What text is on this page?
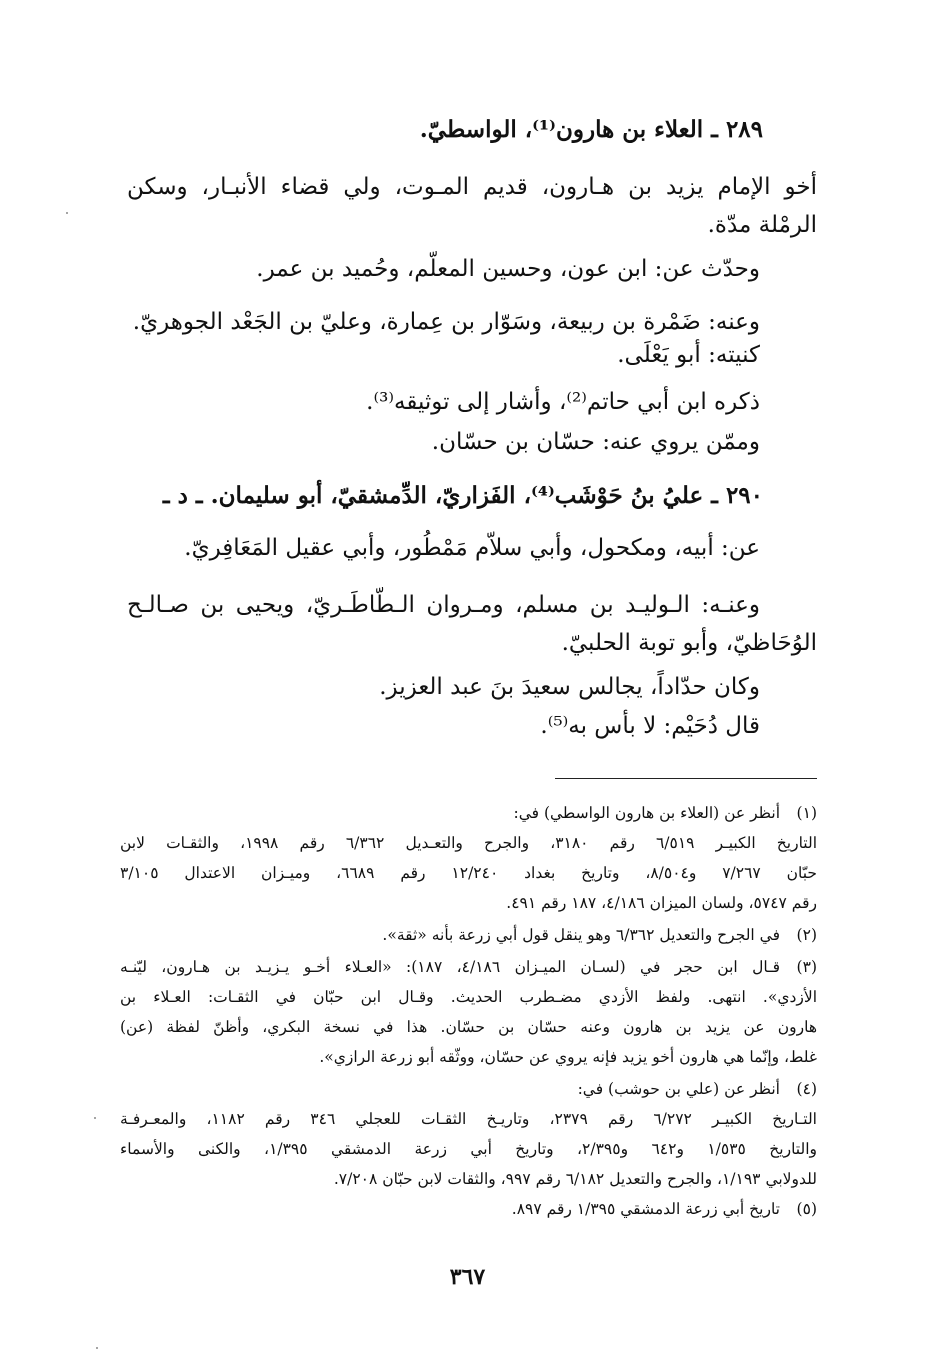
٢٨٩ ـ العلاء بن هارون⁽¹⁾، الواسطيّ.
أخو الإمام يزيد بن هـارون، قديم المـوت، ولي قضاء الأنبـار، وسكن
الرمْلة مدّة.
وحدّث عن: ابن عون، وحسين المعلّم، وحُميد بن عمر.
وعنه: ضَمْرة بن ربيعة، وسَوّار بن عِمارة، وعليّ بن الجَعْد الجوهريّ.
كنيته: أبو يَعْلَى.
ذكره ابن أبي حاتم⁽²⁾، وأشار إلى توثيقه⁽³⁾.
وممّن يروي عنه: حسّان بن حسّان.
٢٩٠ ـ عليُ بنُ حَوْشَب⁽⁴⁾، الفَزاريّ، الدِّمشقيّ، أبو سليمان. ـ د ـ
عن: أبيه، ومكحول، وأبي سلاّم مَمْطُور، وأبي عقيل المَعَافِريّ.
وعنـه: الـوليـد بن مسلم، ومـروان الـطّاطَـريّ، ويحيى بن صـالـح
الوُحَاظيّ، وأبو توبة الحلبيّ.
وكان حدّاداً، يجالس سعيدَ بنَ عبد العزيز.
قال دُحَيْم: لا بأس به⁽⁵⁾.
(١)
أنظر عن (العلاء بن هارون الواسطي) في:
التاريخ الكبيـر ٦/٥١٩ رقم ٣١٨٠، والجرح والتعـديل ٦/٣٦٢ رقم ١٩٩٨، والثقـات لابن
حبّان ٧/٢٦٧ و٨/٥٠٤، وتاريخ بغداد ١٢/٢٤٠ رقم ٦٦٨٩، وميـزان الاعتدال ٣/١٠٥
رقم ٥٧٤٧، ولسان الميزان ٤/١٨٦، ١٨٧ رقم ٤٩١.
(٢)
في الجرح والتعديل ٦/٣٦٢ وهو ينقل قول أبي زرعة بأنه «ثقة».
(٣)
قـال ابن حجر في (لسـان الميـزان ٤/١٨٦، ١٨٧): «العـلاء أخـو يـزيـد بن هـارون، ليّنـه
الأزدي». انتهى. ولفظ الأزدي مضـطرب الحديث. وقـال ابن حبّان في الثقـات: العـلاء بن
هارون عن يزيد بن هارون وعنه حسّان بن حسّان. هذا في نسخة البكري، وأظنّ لفظة (عن)
غلط، وإنّما هي هارون أخو يزيد فإنه يروي عن حسّان، ووثّقه أبو زرعة الرازي».
(٤)
أنظر عن (علي بن حوشب) في:
التـاريخ الكبيـر ٦/٢٧٢ رقم ٢٣٧٩، وتاريـخ الثقـات للعجلي ٣٤٦ رقم ١١٨٢، والمعـرفـة
والتاريخ ١/٥٣٥ و٦٤٢ و٢/٣٩٥، وتاريخ أبي زرعة الدمشقي ١/٣٩٥، والكنى والأسماء
للدولابي ١/١٩٣، والجرح والتعديل ٦/١٨٢ رقم ٩٩٧، والثقات لابن حبّان ٧/٢٠٨.
(٥)
تاريخ أبي زرعة الدمشقي ١/٣٩٥ رقم ٨٩٧.
٣٦٧
